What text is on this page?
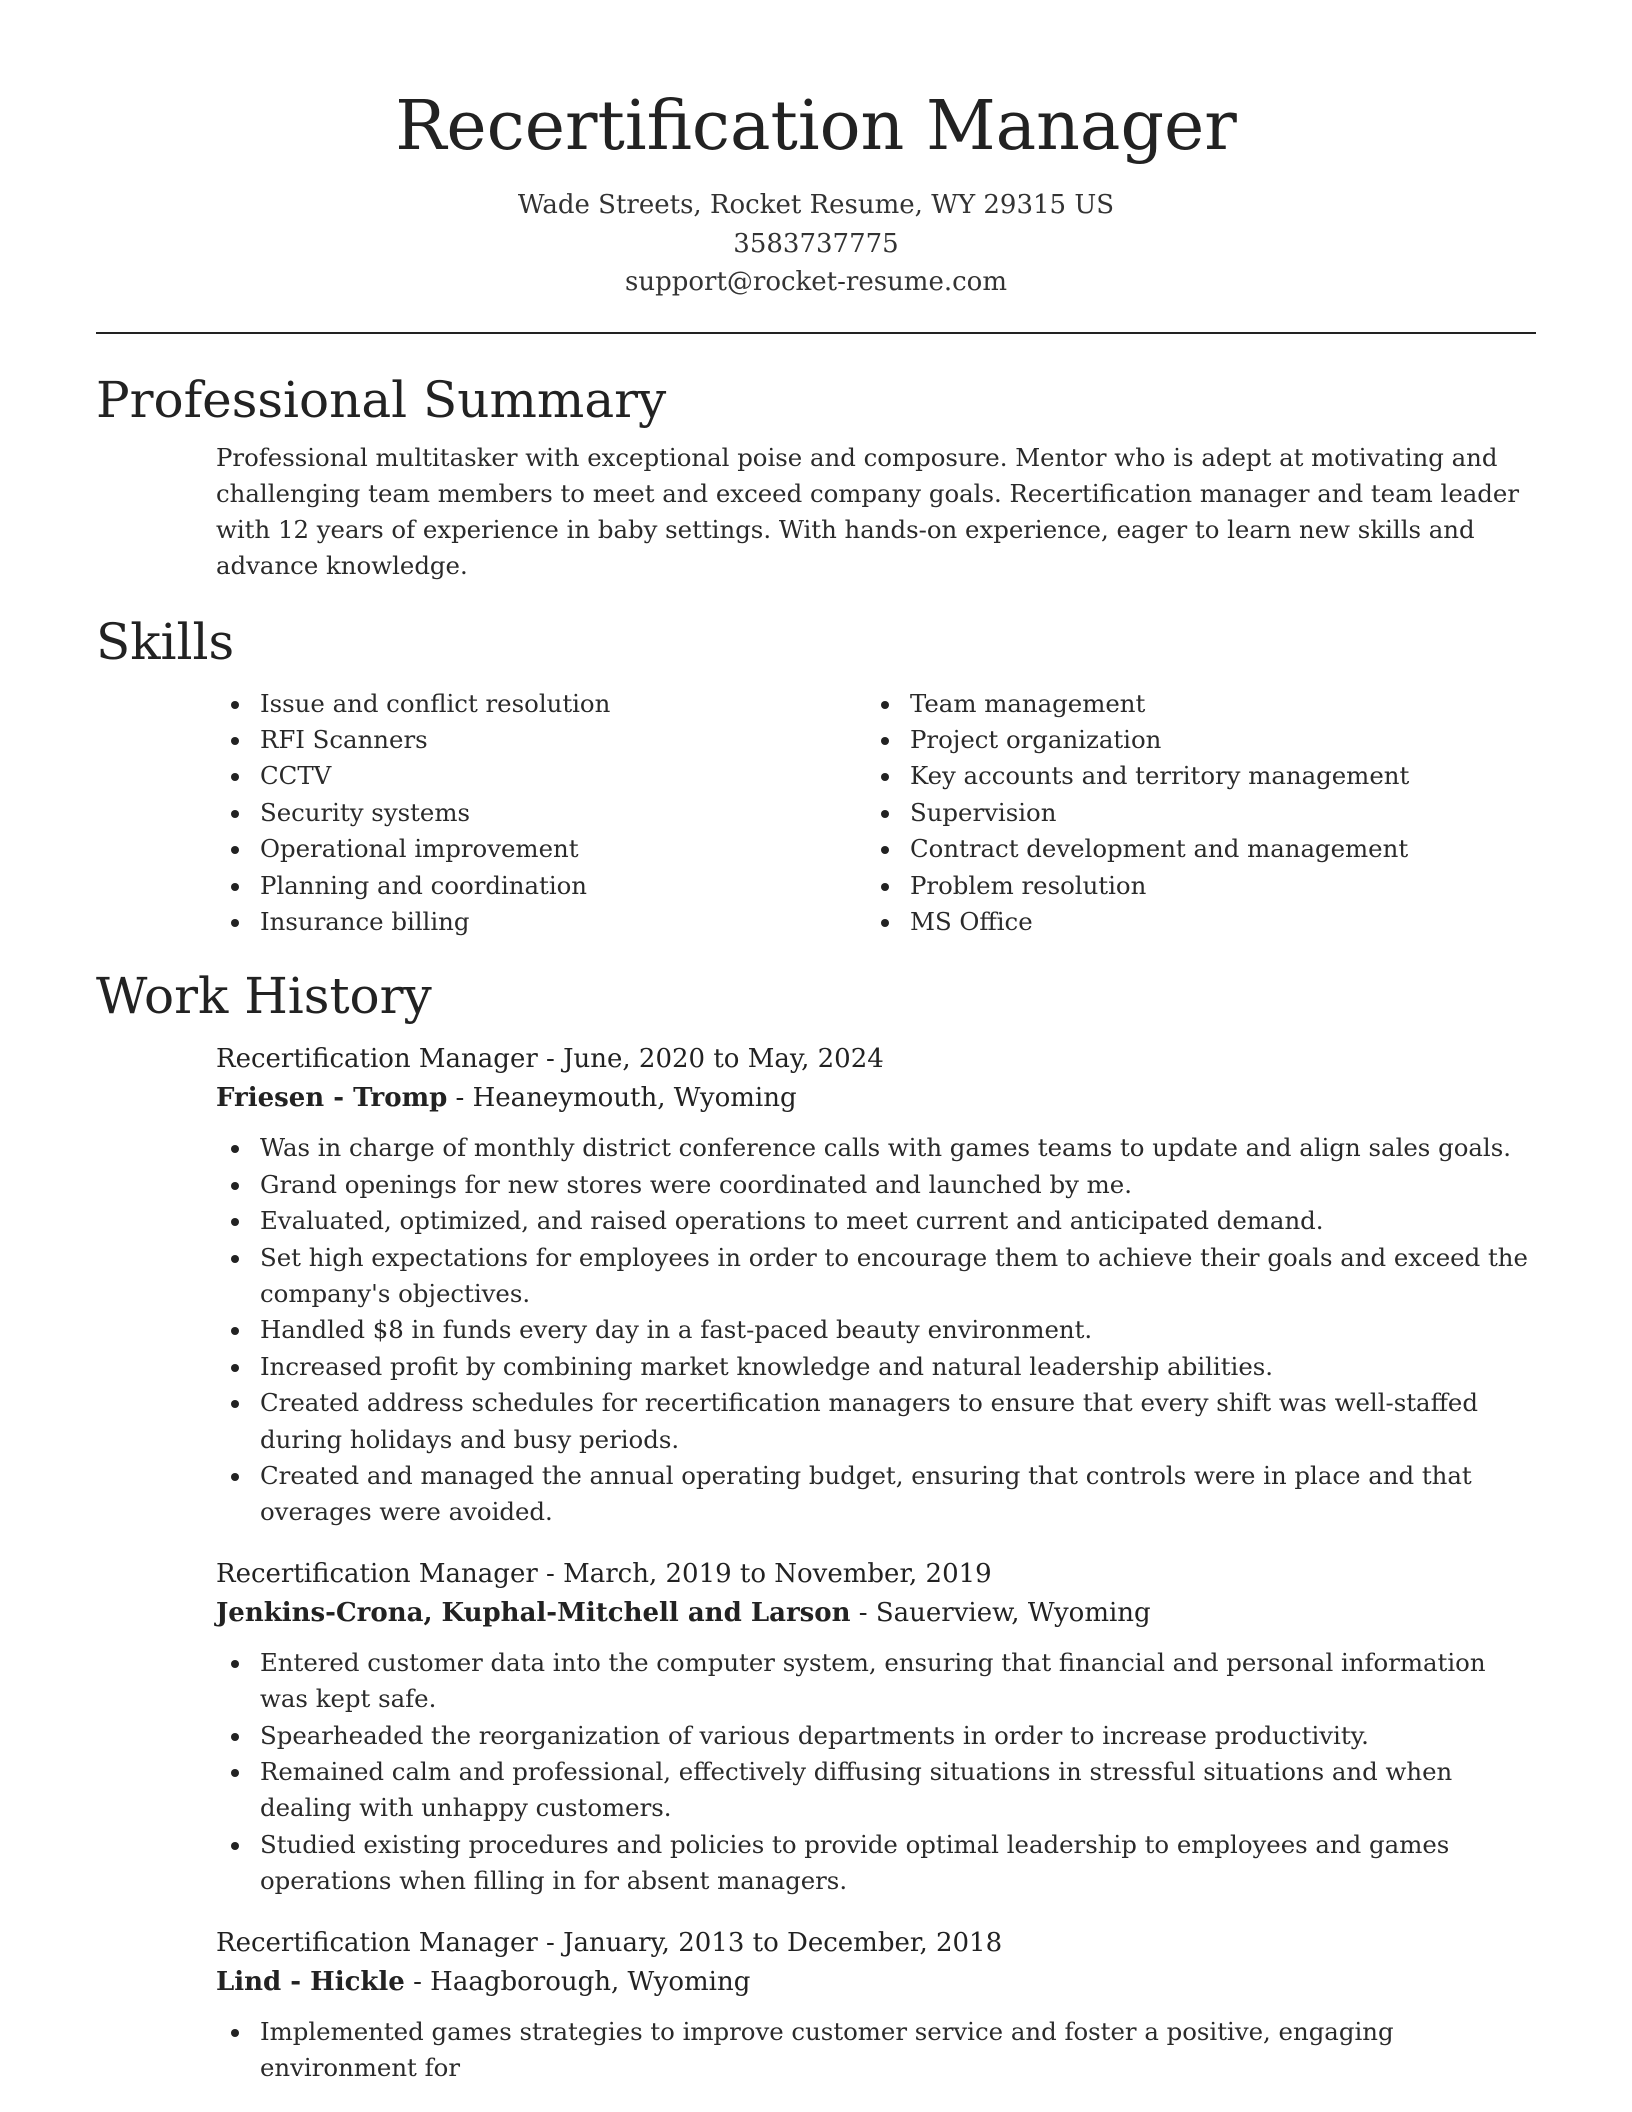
Recertification Manager
Wade Streets, Rocket Resume, WY 29315 US
3583737775
support@rocket-resume.com
Professional Summary

Professional multitasker with exceptional poise and composure. Mentor who is adept at motivating and challenging team members to meet and exceed company goals. Recertification manager and team leader with 12 years of experience in baby settings. With hands-on experience, eager to learn new skills and advance knowledge.

Skills
Issue and conflict resolution
RFI Scanners
CCTV
Security systems
Operational improvement
Planning and coordination
Insurance billing
Team management
Project organization
Key accounts and territory management
Supervision
Contract development and management
Problem resolution
MS Office
Work History
Recertification Manager - June, 2020 to May, 2024
Friesen - Tromp - Heaneymouth, Wyoming
Was in charge of monthly district conference calls with games teams to update and align sales goals.
Grand openings for new stores were coordinated and launched by me.
Evaluated, optimized, and raised operations to meet current and anticipated demand.
Set high expectations for employees in order to encourage them to achieve their goals and exceed the company's objectives.
Handled $8 in funds every day in a fast-paced beauty environment.
Increased profit by combining market knowledge and natural leadership abilities.
Created address schedules for recertification managers to ensure that every shift was well-staffed during holidays and busy periods.
Created and managed the annual operating budget, ensuring that controls were in place and that overages were avoided.
Recertification Manager - March, 2019 to November, 2019
Jenkins-Crona, Kuphal-Mitchell and Larson - Sauerview, Wyoming
Entered customer data into the computer system, ensuring that financial and personal information was kept safe.
Spearheaded the reorganization of various departments in order to increase productivity.
Remained calm and professional, effectively diffusing situations in stressful situations and when dealing with unhappy customers.
Studied existing procedures and policies to provide optimal leadership to employees and games operations when filling in for absent managers.
Recertification Manager - January, 2013 to December, 2018
Lind - Hickle - Haagborough, Wyoming
Implemented games strategies to improve customer service and foster a positive, engaging environment for
